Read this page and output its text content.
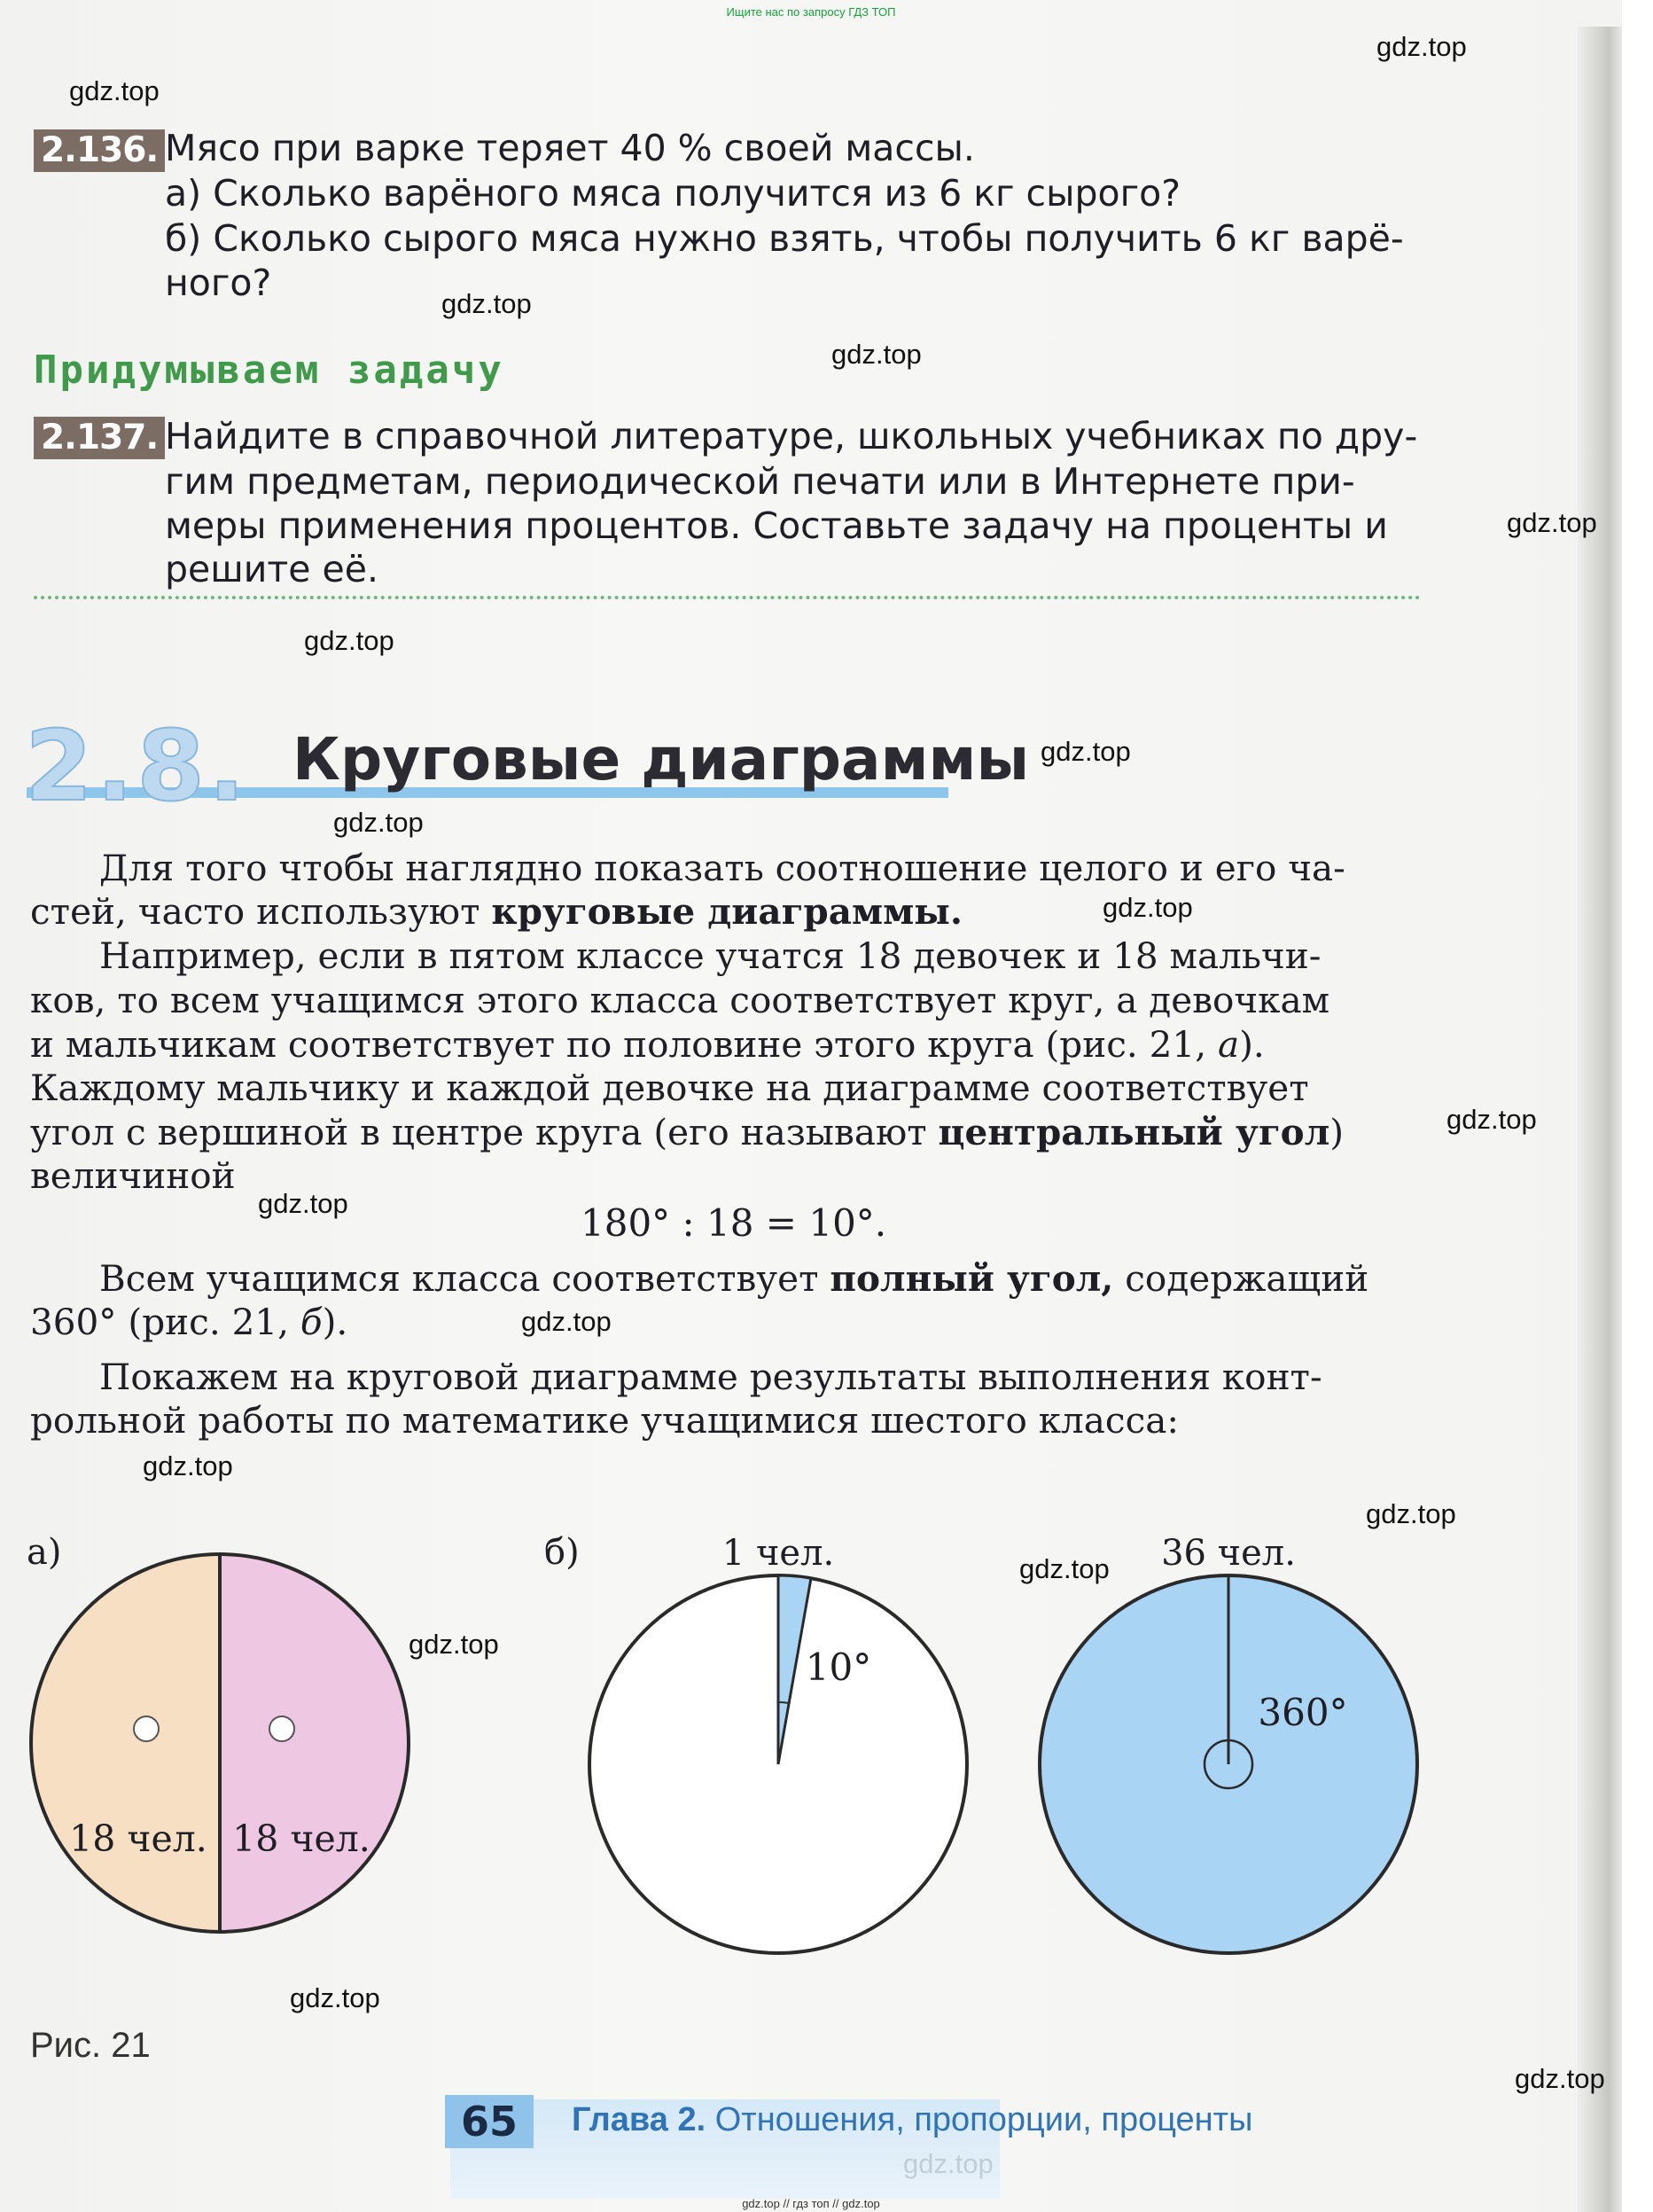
Ищите нас по запросу ГДЗ ТОП
gdz.top
gdz.top
gdz.top
gdz.top
gdz.top
gdz.top
gdz.top
gdz.top
gdz.top
gdz.top
gdz.top
gdz.top
gdz.top
gdz.top
gdz.top
gdz.top
gdz.top
gdz.top
2.136. Мясо при варке теряет 40 % своей массы.
а) Сколько варёного мяса получится из 6 кг сырого?
б) Сколько сырого мяса нужно взять, чтобы получить 6 кг варё-
ного?
Придумываем задачу
2.137. Найдите в справочной литературе, школьных учебниках по дру-
гим предметам, периодической печати или в Интернете при-
меры применения процентов. Составьте задачу на проценты и
решите её.
2.8. Круговые диаграммы
Для того чтобы наглядно показать соотношение целого и его ча-
стей, часто используют круговые диаграммы.
Например, если в пятом классе учатся 18 девочек и 18 мальчи-
ков, то всем учащимся этого класса соответствует круг, а девочкам
и мальчикам соответствует по половине этого круга (рис. 21, а).
Каждому мальчику и каждой девочке на диаграмме соответствует
угол с вершиной в центре круга (его называют центральный угол)
величиной
180° : 18 = 10°.
Всем учащимся класса соответствует полный угол, содержащий
360° (рис. 21, б).
Покажем на круговой диаграмме результаты выполнения конт-
рольной работы по математике учащимися шестого класса:
а)	б)
18 чел. 18 чел.
1 чел.
10°
36 чел.
360°
Рис. 21
65	Глава 2. Отношения, пропорции, проценты
gdz.top // гдз топ // gdz.top
